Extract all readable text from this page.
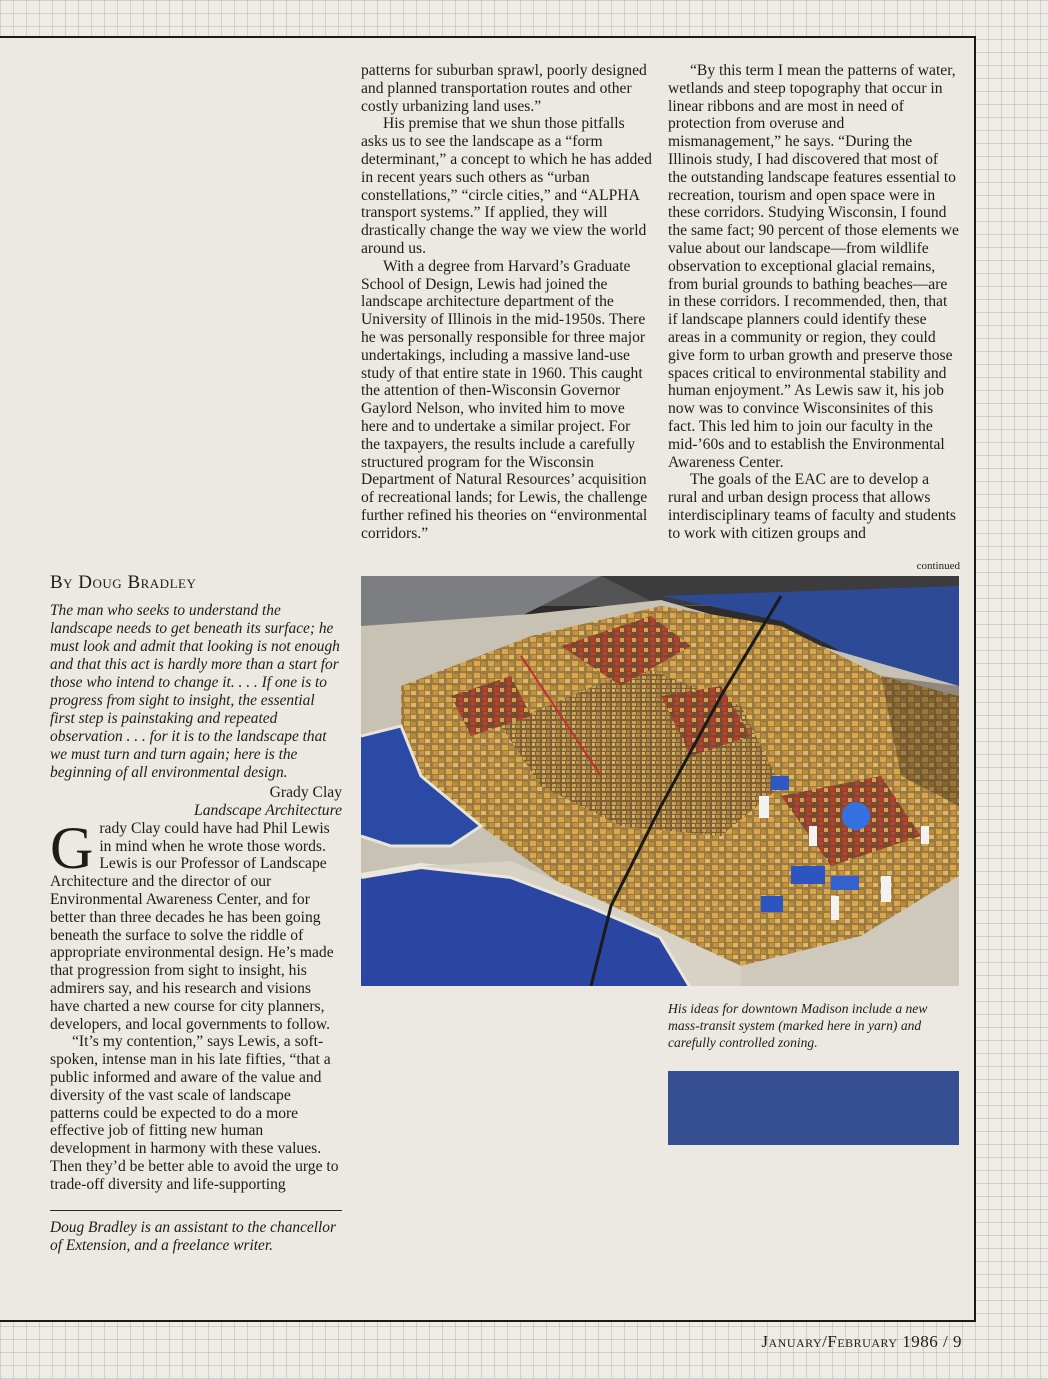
By Doug Bradley
The man who seeks to understand the landscape needs to get beneath its surface; he must look and admit that looking is not enough and that this act is hardly more than a start for those who intend to change it. . . . If one is to progress from sight to insight, the essential first step is painstaking and repeated observation . . . for it is to the landscape that we must turn and turn again; here is the beginning of all environmental design.
Grady Clay
Landscape Architecture

Grady Clay could have had Phil Lewis in mind when he wrote those words. Lewis is our Professor of Landscape Architecture and the director of our Environmental Awareness Center, and for better than three decades he has been going beneath the surface to solve the riddle of appropriate environmental design. He’s made that progression from sight to insight, his admirers say, and his research and visions have charted a new course for city planners, developers, and local governments to follow.

“It’s my contention,” says Lewis, a soft-spoken, intense man in his late fifties, “that a public informed and aware of the value and diversity of the vast scale of landscape patterns could be expected to do a more effective job of fitting new human development in harmony with these values. Then they’d be better able to avoid the urge to trade-off diversity and life-supporting

Doug Bradley is an assistant to the chancellor of Extension, and a freelance writer.

patterns for suburban sprawl, poorly designed and planned transportation routes and other costly urbanizing land uses.”

His premise that we shun those pitfalls asks us to see the landscape as a “form determinant,” a concept to which he has added in recent years such others as “urban constellations,” “circle cities,” and “ALPHA transport systems.” If applied, they will drastically change the way we view the world around us.

With a degree from Harvard’s Graduate School of Design, Lewis had joined the landscape architecture department of the University of Illinois in the mid-1950s. There he was personally responsible for three major undertakings, including a massive land-use study of that entire state in 1960. This caught the attention of then-Wisconsin Governor Gaylord Nelson, who invited him to move here and to undertake a similar project. For the taxpayers, the results include a carefully structured program for the Wisconsin Department of Natural Resources’ acquisition of recreational lands; for Lewis, the challenge further refined his theories on “environmental corridors.”

“By this term I mean the patterns of water, wetlands and steep topography that occur in linear ribbons and are most in need of protection from overuse and mismanagement,” he says. “During the Illinois study, I had discovered that most of the outstanding landscape features essential to recreation, tourism and open space were in these corridors. Studying Wisconsin, I found the same fact; 90 percent of those elements we value about our landscape—from wildlife observation to exceptional glacial remains, from burial grounds to bathing beaches—are in these corridors. I recommended, then, that if landscape planners could identify these areas in a community or region, they could give form to urban growth and preserve those spaces critical to environmental stability and human enjoyment.” As Lewis saw it, his job now was to convince Wisconsinites of this fact. This led him to join our faculty in the mid-’60s and to establish the Environmental Awareness Center.

The goals of the EAC are to develop a rural and urban design process that allows interdisciplinary teams of faculty and students to work with citizen groups and

continued
His ideas for downtown Madison include a new mass-transit system (marked here in yarn) and carefully controlled zoning.
January/February 1986 / 9
